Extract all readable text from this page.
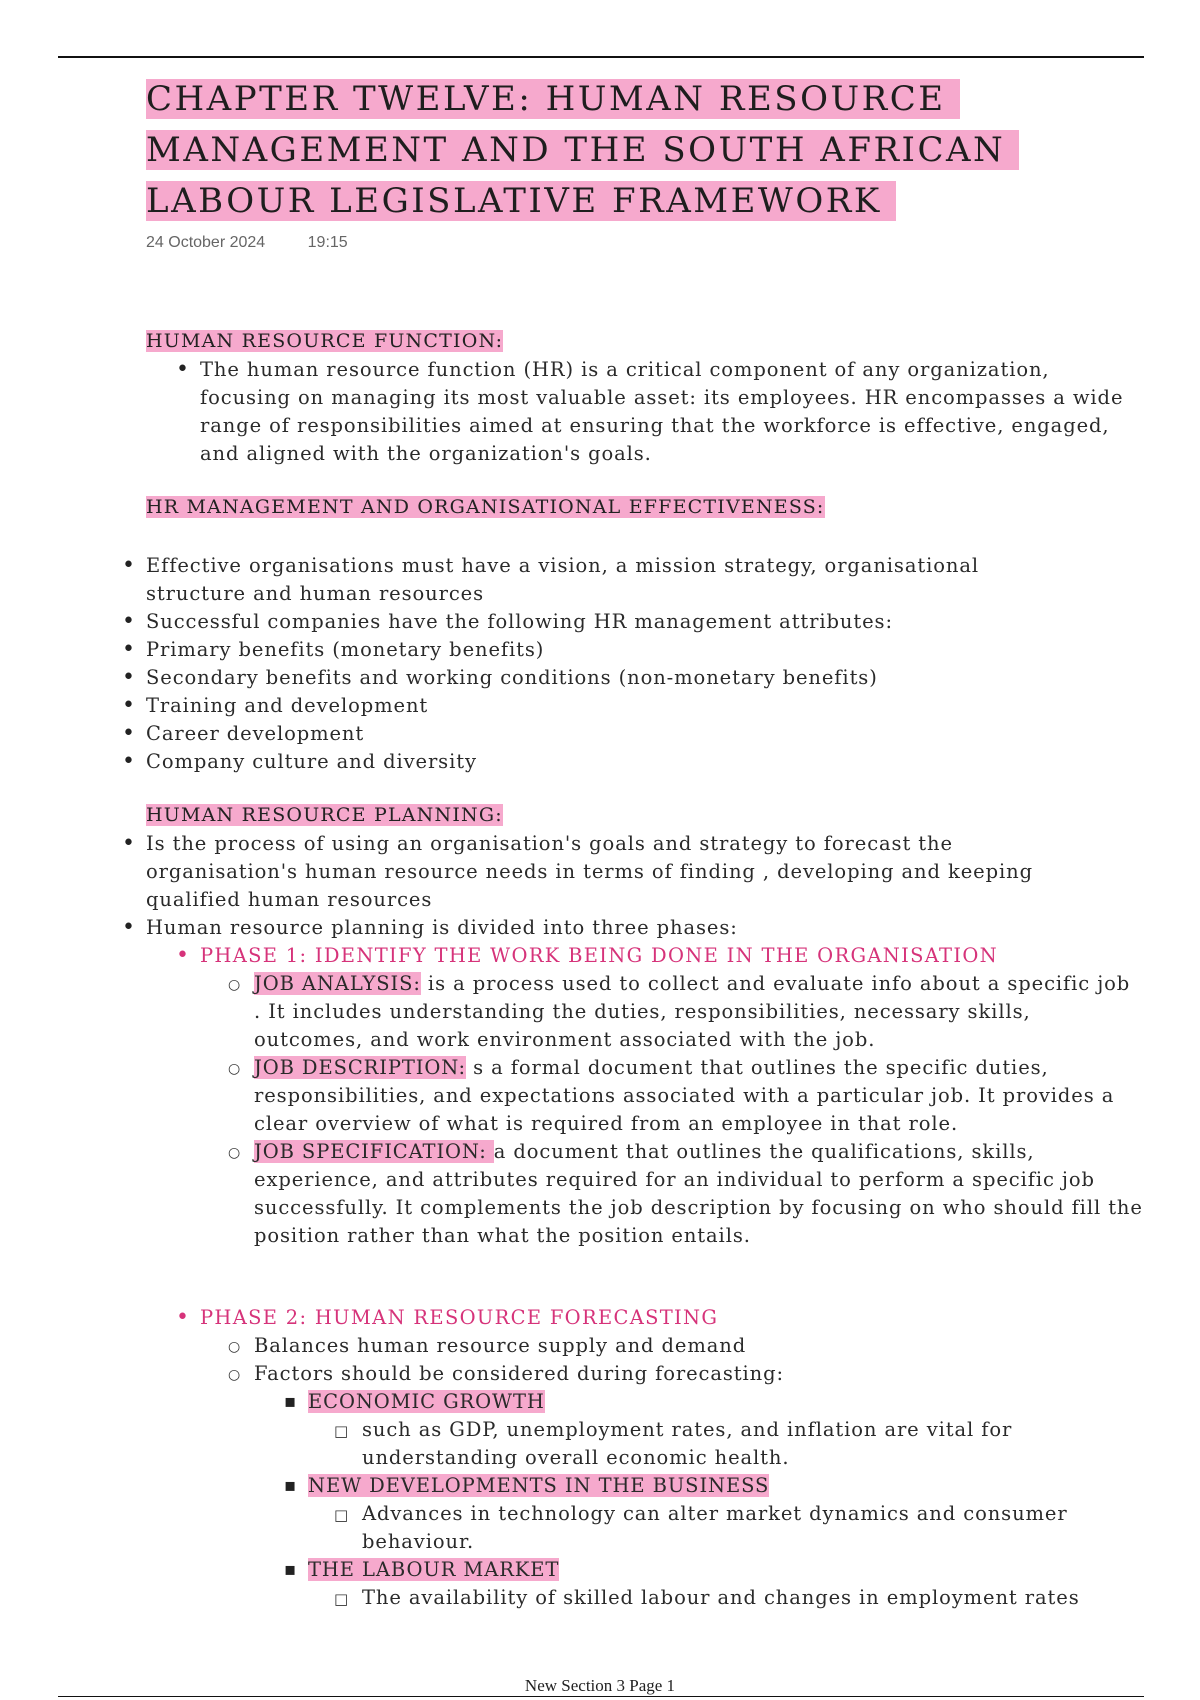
CHAPTER TWELVE: HUMAN RESOURCE
MANAGEMENT AND THE SOUTH AFRICAN
LABOUR LEGISLATIVE FRAMEWORK
24 October 2024	19:15
HUMAN RESOURCE FUNCTION:
• The human resource function (HR) is a critical component of any organization, focusing on managing its most valuable asset: its employees. HR encompasses a wide range of responsibilities aimed at ensuring that the workforce is effective, engaged, and aligned with the organization's goals.
HR MANAGEMENT AND ORGANISATIONAL EFFECTIVENESS:
• Effective organisations must have a vision, a mission strategy, organisational structure and human resources
• Successful companies have the following HR management attributes:
• Primary benefits (monetary benefits)
• Secondary benefits and working conditions (non-monetary benefits)
• Training and development
• Career development
• Company culture and diversity
HUMAN RESOURCE PLANNING:
• Is the process of using an organisation's goals and strategy to forecast the organisation's human resource needs in terms of finding , developing and keeping qualified human resources
• Human resource planning is divided into three phases:
• PHASE 1: IDENTIFY THE WORK BEING DONE IN THE ORGANISATION
○ JOB ANALYSIS: is a process used to collect and evaluate info about a specific job . It includes understanding the duties, responsibilities, necessary skills, outcomes, and work environment associated with the job.
○ JOB DESCRIPTION: s a formal document that outlines the specific duties, responsibilities, and expectations associated with a particular job. It provides a clear overview of what is required from an employee in that role.
○ JOB SPECIFICATION: a document that outlines the qualifications, skills, experience, and attributes required for an individual to perform a specific job successfully. It complements the job description by focusing on who should fill the position rather than what the position entails.
• PHASE 2: HUMAN RESOURCE FORECASTING
○ Balances human resource supply and demand
○ Factors should be considered during forecasting:
▪ ECONOMIC GROWTH
□ such as GDP, unemployment rates, and inflation are vital for understanding overall economic health.
▪ NEW DEVELOPMENTS IN THE BUSINESS
□ Advances in technology can alter market dynamics and consumer behaviour.
▪ THE LABOUR MARKET
□ The availability of skilled labour and changes in employment rates
New Section 3 Page 1
